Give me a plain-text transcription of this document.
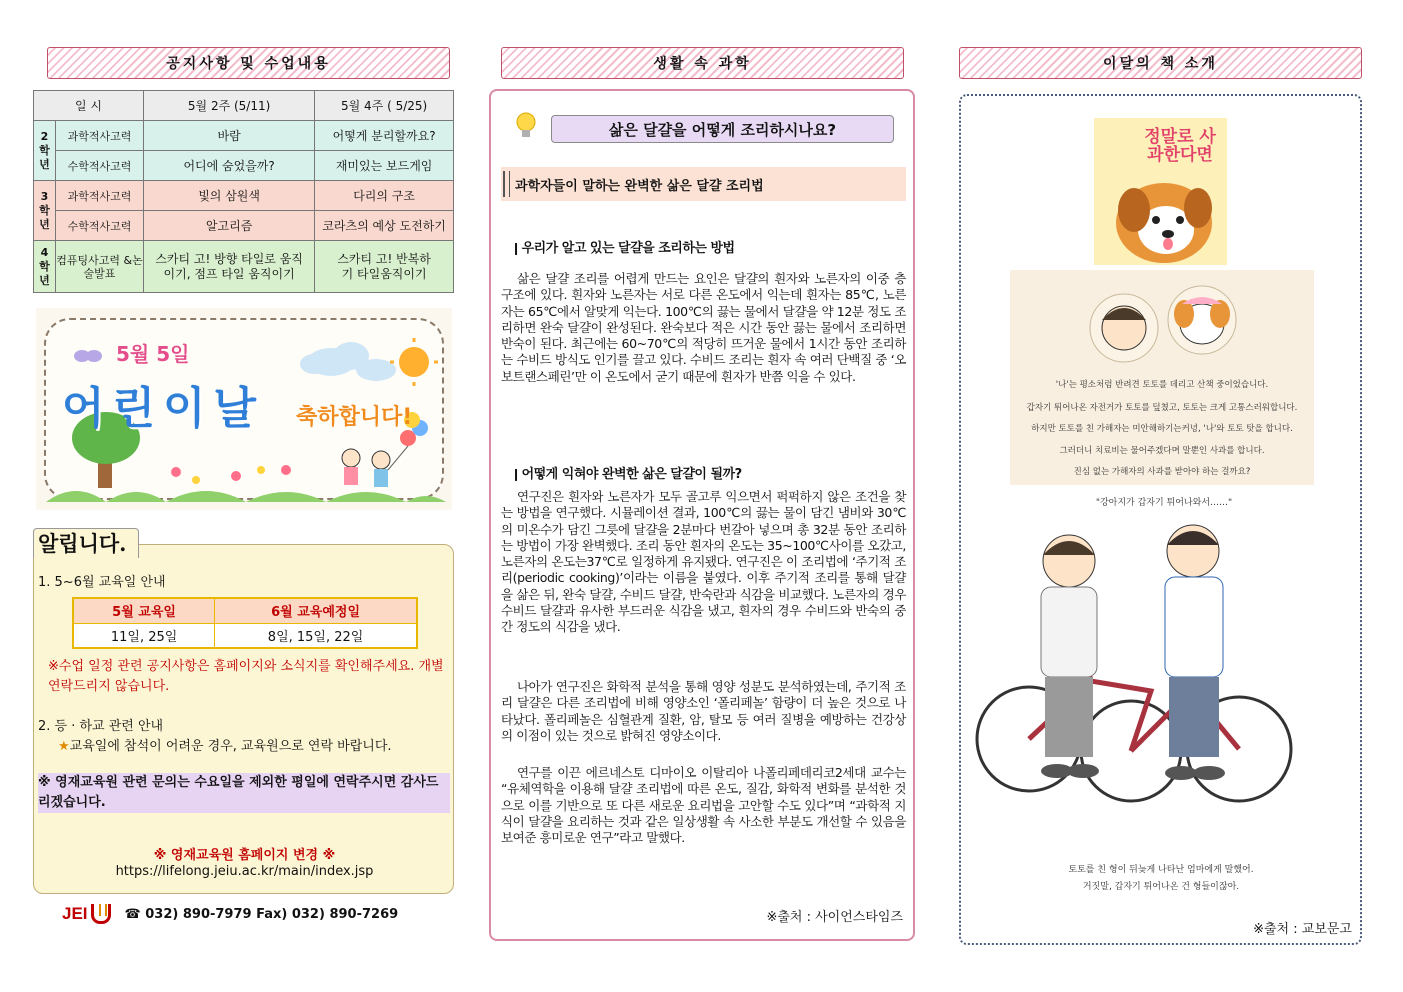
공지사항 및 수업내용
일 시		5월 2주 (5/11)	5월 4주 ( 5/25)
2 학 년	과학적사고력	바람	어떻게 분리할까요?
	수학적사고력	어디에 숨었을까?	재미있는 보드게임
3 학 년	과학적사고력	빛의 삼원색	다리의 구조
	수학적사고력	알고리즘	코라츠의 예상 도전하기
4 학 년	컴퓨팅사고력 &논술발표	스카티 고! 방향 타일로 움직이기, 점프 타일 움직이기	스카티 고! 반복하기 타일움직이기
5월 5일
어린이날 축하합니다!

1. 5~6월 교육일 안내

5월 교육일	6월 교육예정일
11일, 25일	8일, 15일, 22일

※수업 일정 관련 공지사항은 홈페이지와 소식지를 확인해주세요. 개별 연락드리지 않습니다.

2. 등 · 하교 관련 안내

★교육일에 참석이 어려운 경우, 교육원으로 연락 바랍니다.

※ 영재교육원 관련 문의는 수요일을 제외한 평일에 연락주시면 감사드리겠습니다.

※ 영재교육원 홈페이지 변경 ※

https://lifelong.jeiu.ac.kr/main/index.jsp

알립니다.
JEI	☎ 032) 890-7979 Fax) 032) 890-7269
생활 속 과학
삶은 달걀을 어떻게 조리하시나요?
과학자들이 말하는 완벽한 삶은 달걀 조리법
❙ 우리가 알고 있는 달걀을 조리하는 방법
삶은 달걀 조리를 어렵게 만드는 요인은 달걀의 흰자와 노른자의 이중 층 구조에 있다. 흰자와 노른자는 서로 다른 온도에서 익는데 흰자는 85℃, 노른자는 65℃에서 알맞게 익는다. 100℃의 끓는 물에서 달걀을 약 12분 정도 조리하면 완숙 달걀이 완성된다. 완숙보다 적은 시간 동안 끓는 물에서 조리하면 반숙이 된다. 최근에는 60~70℃의 적당히 뜨거운 물에서 1시간 동안 조리하는 수비드 방식도 인기를 끌고 있다. 수비드 조리는 흰자 속 여러 단백질 중 ‘오보트랜스페린’만 이 온도에서 굳기 때문에 흰자가 반쯤 익을 수 있다.
❙ 어떻게 익혀야 완벽한 삶은 달걀이 될까?
연구진은 흰자와 노른자가 모두 골고루 익으면서 퍽퍽하지 않은 조건을 찾는 방법을 연구했다. 시뮬레이션 결과, 100℃의 끓는 물이 담긴 냄비와 30℃의 미온수가 담긴 그릇에 달걀을 2분마다 번갈아 넣으며 총 32분 동안 조리하는 방법이 가장 완벽했다. 조리 동안 흰자의 온도는 35~100℃사이를 오갔고, 노른자의 온도는37℃로 일정하게 유지됐다. 연구진은 이 조리법에 ‘주기적 조리(periodic cooking)’이라는 이름을 붙였다. 이후 주기적 조리를 통해 달걀을 삶은 뒤, 완숙 달걀, 수비드 달걀, 반숙란과 식감을 비교했다. 노른자의 경우 수비드 달걀과 유사한 부드러운 식감을 냈고, 흰자의 경우 수비드와 반숙의 중간 정도의 식감을 냈다.
나아가 연구진은 화학적 분석을 통해 영양 성분도 분석하였는데, 주기적 조리 달걀은 다른 조리법에 비해 영양소인 ‘폴리페놀’ 함량이 더 높은 것으로 나타났다. 폴리페놀은 심혈관계 질환, 암, 탈모 등 여러 질병을 예방하는 건강상의 이점이 있는 것으로 밝혀진 영양소이다.
연구를 이끈 에르네스토 디마이오 이탈리아 나폴리페데리코2세대 교수는 “유체역학을 이용해 달걀 조리법에 따른 온도, 질감, 화학적 변화를 분석한 것으로 이를 기반으로 또 다른 새로운 요리법을 고안할 수도 있다”며 “과학적 지식이 달걀을 요리하는 것과 같은 일상생활 속 사소한 부분도 개선할 수 있음을 보여준 흥미로운 연구”라고 말했다.
※출처 : 사이언스타임즈
이달의 책 소개
정말로 사과한다면

'나'는 평소처럼 반려견 토토를 데리고 산책 중이었습니다.

갑자기 튀어나온 자전거가 토토를 덮쳤고, 토토는 크게 고통스러워합니다.

하지만 토토를 친 가해자는 미안해하기는커녕, '나'와 토토 탓을 합니다.

그러더니 치료비는 물어주겠다며 말뿐인 사과를 합니다.

진심 없는 가해자의 사과를 받아야 하는 걸까요?

"강아지가 갑자기 튀어나와서……"
토토를 친 형이 뒤늦게 나타난 엄마에게 말했어.
거짓말, 갑자기 튀어나온 건 형들이잖아.
※출처 : 교보문고
